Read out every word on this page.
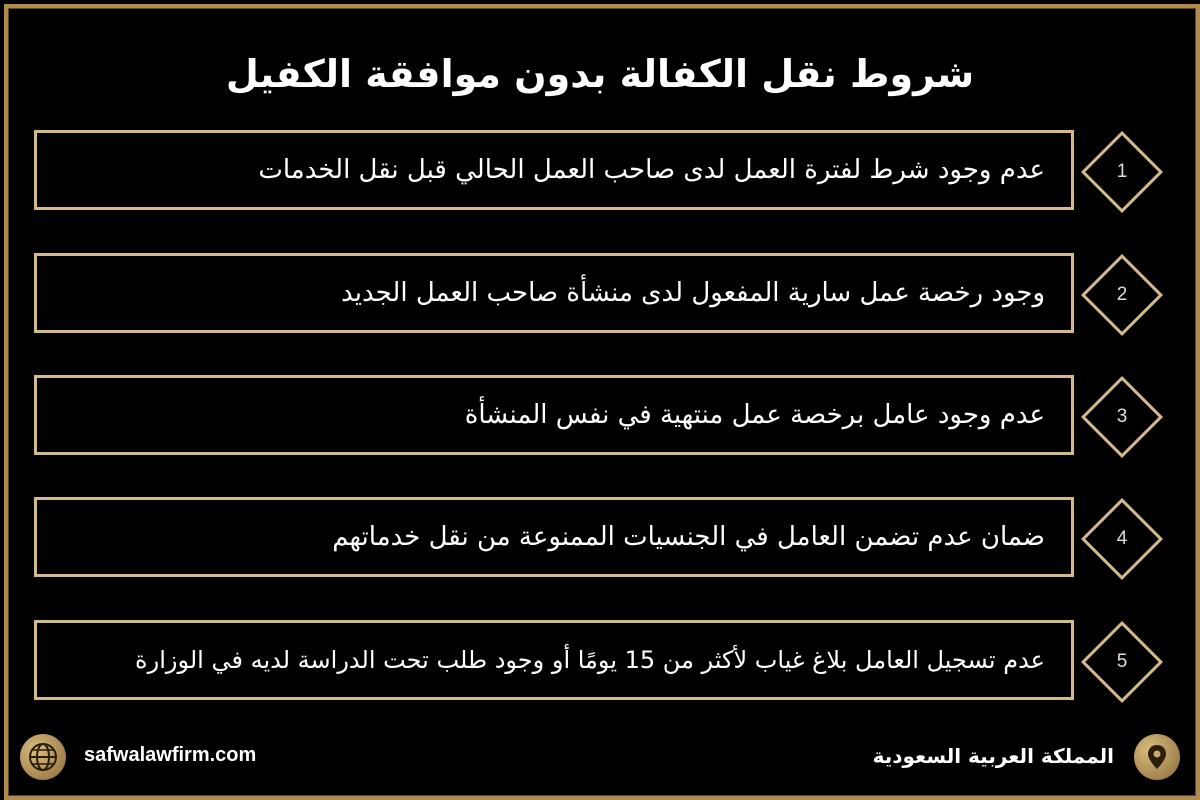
شروط نقل الكفالة بدون موافقة الكفيل
عدم وجود شرط لفترة العمل لدى صاحب العمل الحالي قبل نقل الخدمات	1
وجود رخصة عمل سارية المفعول لدى منشأة صاحب العمل الجديد	2
عدم وجود عامل برخصة عمل منتهية في نفس المنشأة	3
ضمان عدم تضمن العامل في الجنسيات الممنوعة من نقل خدماتهم	4
عدم تسجيل العامل بلاغ غياب لأكثر من 15 يومًا أو وجود طلب تحت الدراسة لديه في الوزارة	5
safwalawfirm.com	المملكة العربية السعودية
